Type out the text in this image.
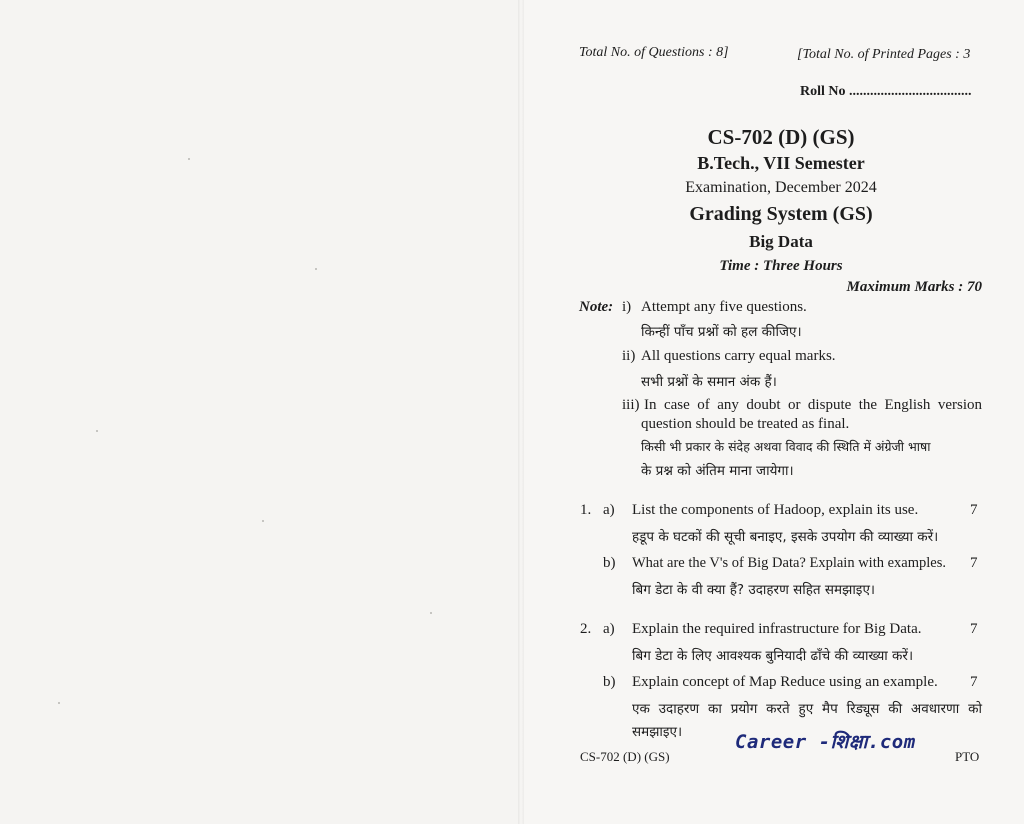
Total No. of Questions : 8]	[Total No. of Printed Pages : 3
Roll No ...................................
CS-702 (D) (GS)
B.Tech., VII Semester
Examination, December 2024
Grading System (GS)
Big Data
Time : Three Hours
Maximum Marks : 70
Note: i) Attempt any five questions.
किन्हीं पाँच प्रश्नों को हल कीजिए।
ii) All questions carry equal marks.
सभी प्रश्नों के समान अंक हैं।
iii) In case of any doubt or dispute the English version
question should be treated as final.
किसी भी प्रकार के संदेह अथवा विवाद की स्थिति में अंग्रेजी भाषा
के प्रश्न को अंतिम माना जायेगा।
1. a) List the components of Hadoop, explain its use.	7
हडूप के घटकों की सूची बनाइए, इसके उपयोग की व्याख्या करें।
b) What are the V's of Big Data? Explain with examples. 7
बिग डेटा के वी क्या हैं? उदाहरण सहित समझाइए।
2. a) Explain the required infrastructure for Big Data.	7
बिग डेटा के लिए आवश्यक बुनियादी ढाँचे की व्याख्या करें।
b) Explain concept of Map Reduce using an example. 7
एक उदाहरण का प्रयोग करते हुए मैप रिड्यूस की अवधारणा को
समझाइए।	Career -शिक्षा.com
CS-702 (D) (GS)	PTO
